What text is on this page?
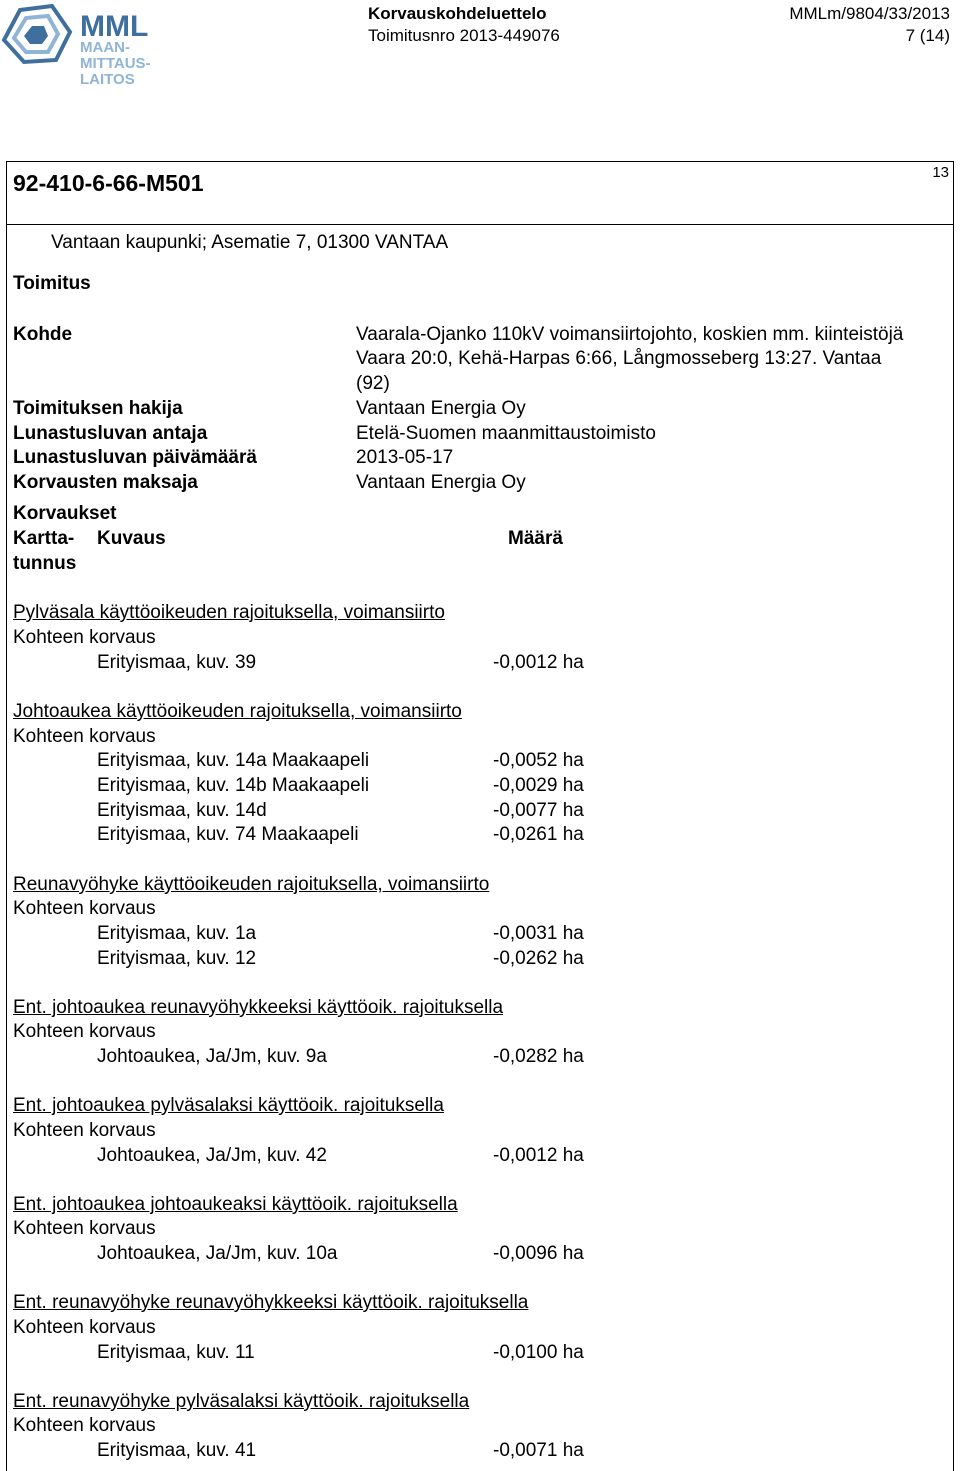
MML
MAAN-
MITTAUS-
LAITOS
Korvauskohdeluettelo
Toimitusnro 2013-449076
MMLm/9804/33/2013
7 (14)
92-410-6-66-M501	13
Vantaan kaupunki; Asematie 7, 01300 VANTAA
Toimitus
Kohde	Vaarala-Ojanko 110kV voimansiirtojohto, koskien mm. kiinteistöjä
Vaara 20:0, Kehä-Harpas 6:66, Långmosseberg 13:27. Vantaa
(92)
Toimituksen hakija	Vantaan Energia Oy
Lunastusluvan antaja	Etelä-Suomen maanmittaustoimisto
Lunastusluvan päivämäärä	2013-05-17
Korvausten maksaja	Vantaan Energia Oy
Korvaukset
Kartta-
tunnus
Kuvaus	Määrä
Pylväsala käyttöoikeuden rajoituksella, voimansiirto
Kohteen korvaus
Erityismaa, kuv. 39	-0,0012 ha
Johtoaukea käyttöoikeuden rajoituksella, voimansiirto
Kohteen korvaus
Erityismaa, kuv. 14a Maakaapeli	-0,0052 ha
Erityismaa, kuv. 14b Maakaapeli	-0,0029 ha
Erityismaa, kuv. 14d	-0,0077 ha
Erityismaa, kuv. 74 Maakaapeli	-0,0261 ha
Reunavyöhyke käyttöoikeuden rajoituksella, voimansiirto
Kohteen korvaus
Erityismaa, kuv. 1a	-0,0031 ha
Erityismaa, kuv. 12	-0,0262 ha
Ent. johtoaukea reunavyöhykkeeksi käyttöoik. rajoituksella
Kohteen korvaus
Johtoaukea, Ja/Jm, kuv. 9a	-0,0282 ha
Ent. johtoaukea pylväsalaksi käyttöoik. rajoituksella
Kohteen korvaus
Johtoaukea, Ja/Jm, kuv. 42	-0,0012 ha
Ent. johtoaukea johtoaukeaksi käyttöoik. rajoituksella
Kohteen korvaus
Johtoaukea, Ja/Jm, kuv. 10a	-0,0096 ha
Ent. reunavyöhyke reunavyöhykkeeksi käyttöoik. rajoituksella
Kohteen korvaus
Erityismaa, kuv. 11	-0,0100 ha
Ent. reunavyöhyke pylväsalaksi käyttöoik. rajoituksella
Kohteen korvaus
Erityismaa, kuv. 41	-0,0071 ha
